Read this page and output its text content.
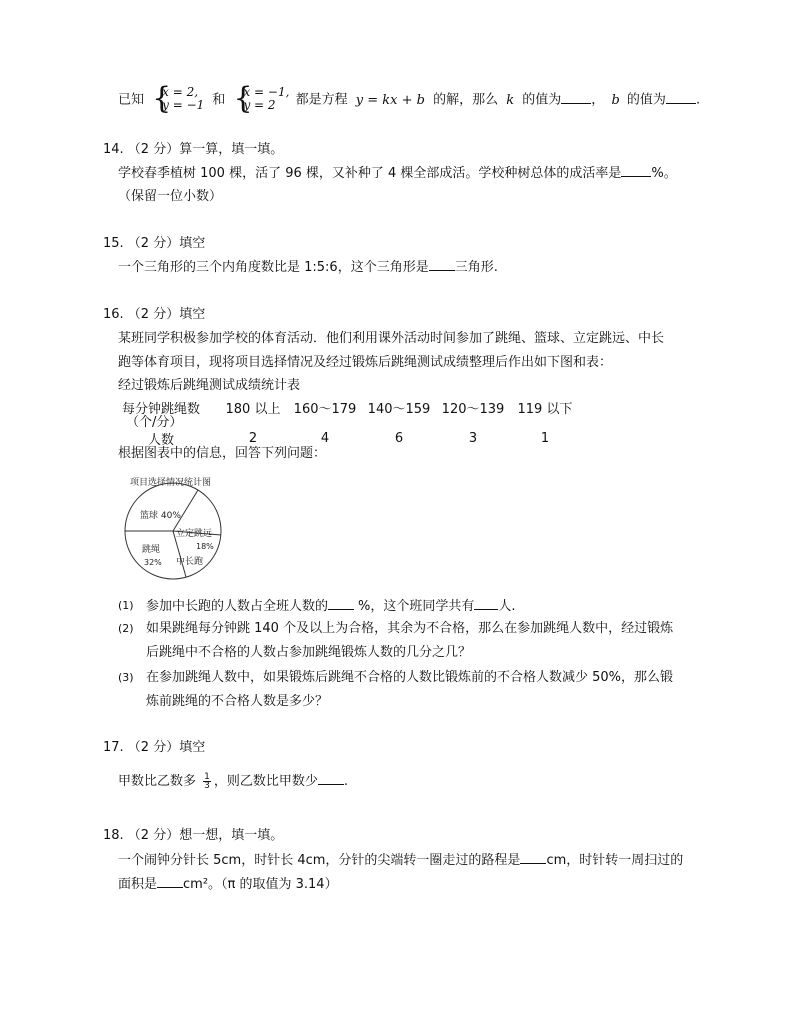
已知 {
x = 2,
y = −1 和 {
x = −1,
y = 2	都是方程 y = kx + b 的解，那么 k 的值为 ， b 的值为 .
14. （2 分）算一算，填一填。
学校春季植树 100 棵，活了 96 棵，又补种了 4 棵全部成活。学校种树总体的成活率是 %。
（保留一位小数）
15. （2 分）填空
一个三角形的三个内角度数比是 1:5:6，这个三角形是 三角形.
16. （2 分）填空
某班同学积极参加学校的体育活动．他们利用课外活动时间参加了跳绳、篮球、立定跳远、中长
跑等体育项目，现将项目选择情况及经过锻炼后跳绳测试成绩整理后作出如下图和表：
经过锻炼后跳绳测试成绩统计表
每分钟跳绳数	180 以上	160～179	140～159	120～139	119 以下
（个/分）					
人数	2	4	6	3	1
根据图表中的信息，回答下列问题：
项目选择情况统计图
篮球 40%
立定跳远
18%
跳绳
32% 中长跑
(1) 参加中长跑的人数占全班人数的 %，这个班同学共有 人.
(2) 如果跳绳每分钟跳 140 个及以上为合格，其余为不合格，那么在参加跳绳人数中，经过锻炼
后跳绳中不合格的人数占参加跳绳锻炼人数的几分之几？
(3) 在参加跳绳人数中，如果锻炼后跳绳不合格的人数比锻炼前的不合格人数减少 50%，那么锻
炼前跳绳的不合格人数是多少？
17. （2 分）填空
甲数比乙数多 $\frac{1}{3}$ ，则乙数比甲数少 .
18. （2 分）想一想，填一填。
一个闹钟分针长 5cm，时针长 4cm，分针的尖端转一圈走过的路程是 cm，时针转一周扫过的
面积是 cm²。（π 的取值为 3.14）
